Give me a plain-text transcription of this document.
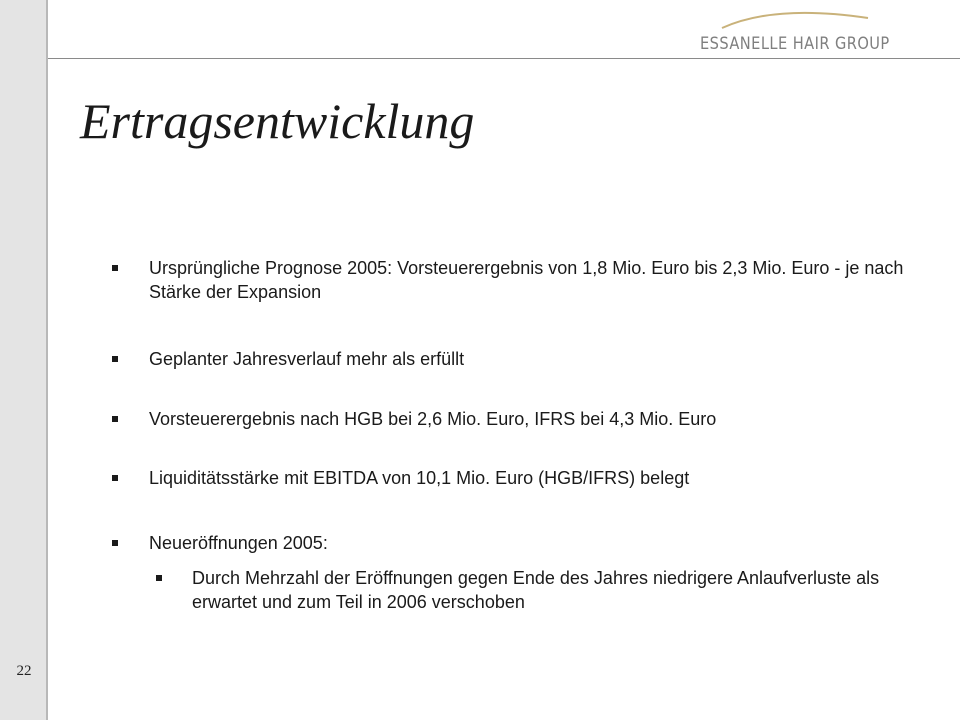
22
ESSANELLE HAIR GROUP
Ertragsentwicklung
Ursprüngliche Prognose 2005: Vorsteuerergebnis von 1,8 Mio. Euro bis 2,3 Mio. Euro - je nach Stärke der Expansion
Geplanter Jahresverlauf mehr als erfüllt
Vorsteuerergebnis nach HGB bei 2,6 Mio. Euro, IFRS bei 4,3 Mio. Euro
Liquiditätsstärke mit EBITDA von 10,1 Mio. Euro (HGB/IFRS) belegt
Neueröffnungen 2005:
Durch Mehrzahl der Eröffnungen gegen Ende des Jahres niedrigere Anlaufverluste als erwartet und zum Teil in 2006 verschoben
